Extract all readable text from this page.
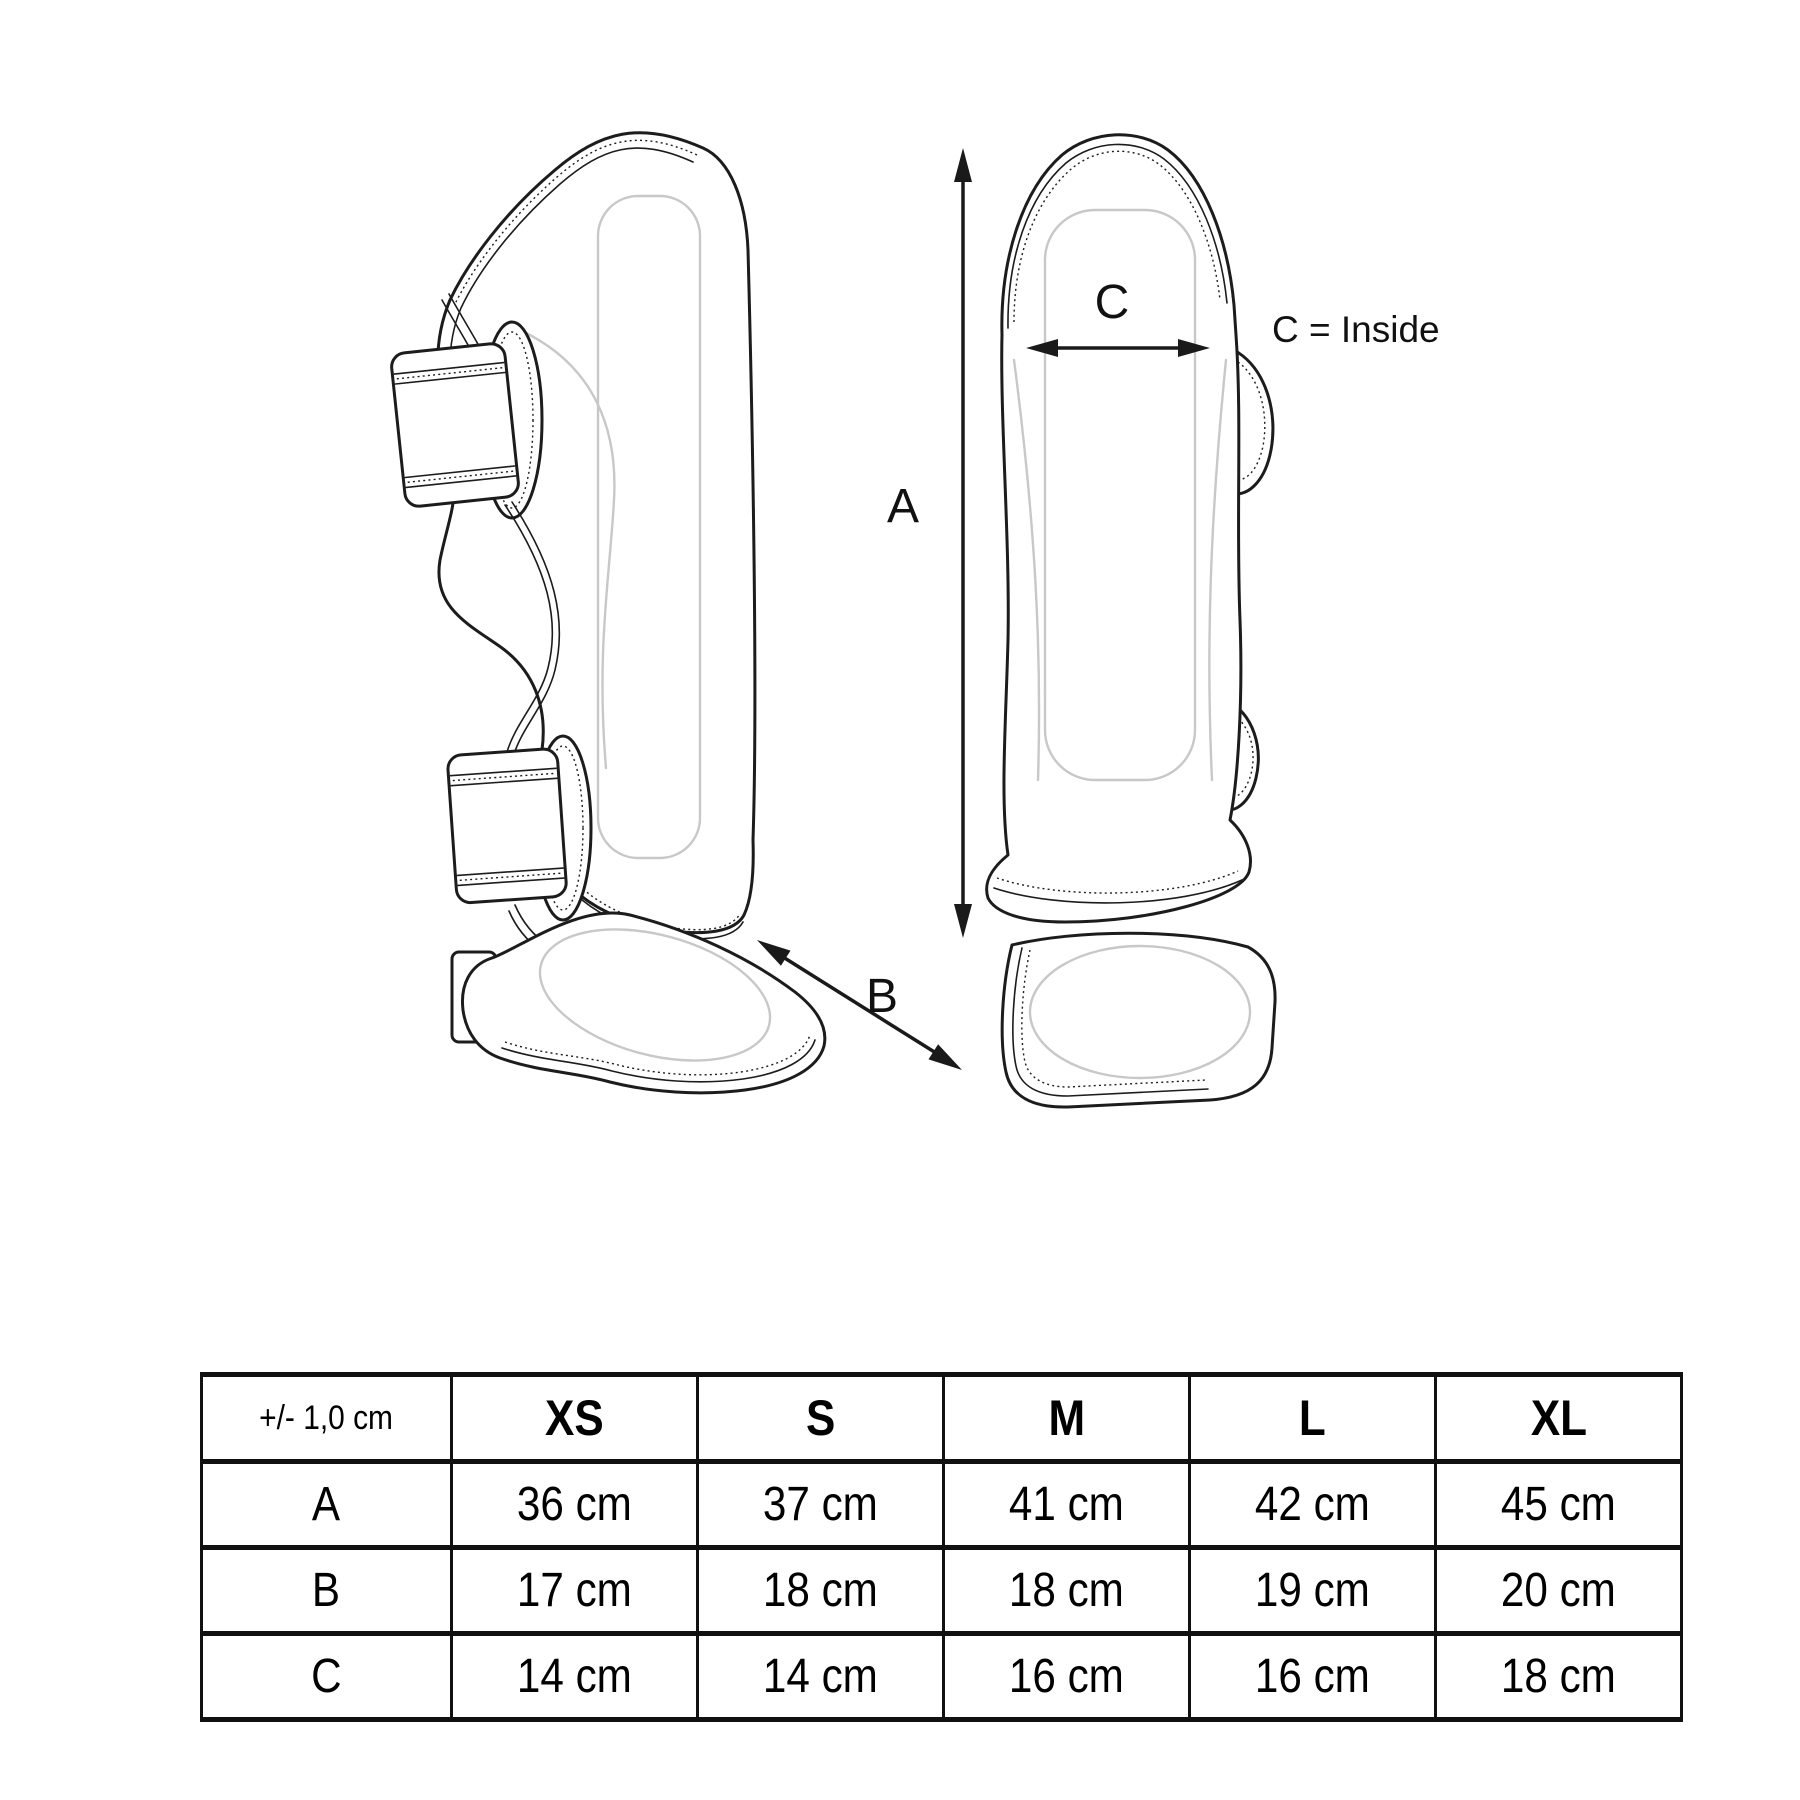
A
B
C
C = Inside
+/- 1,0 cm	XS	S	M	L	XL
A	36 cm	37 cm	41 cm	42 cm	45 cm
B	17 cm	18 cm	18 cm	19 cm	20 cm
C	14 cm	14 cm	16 cm	16 cm	18 cm
